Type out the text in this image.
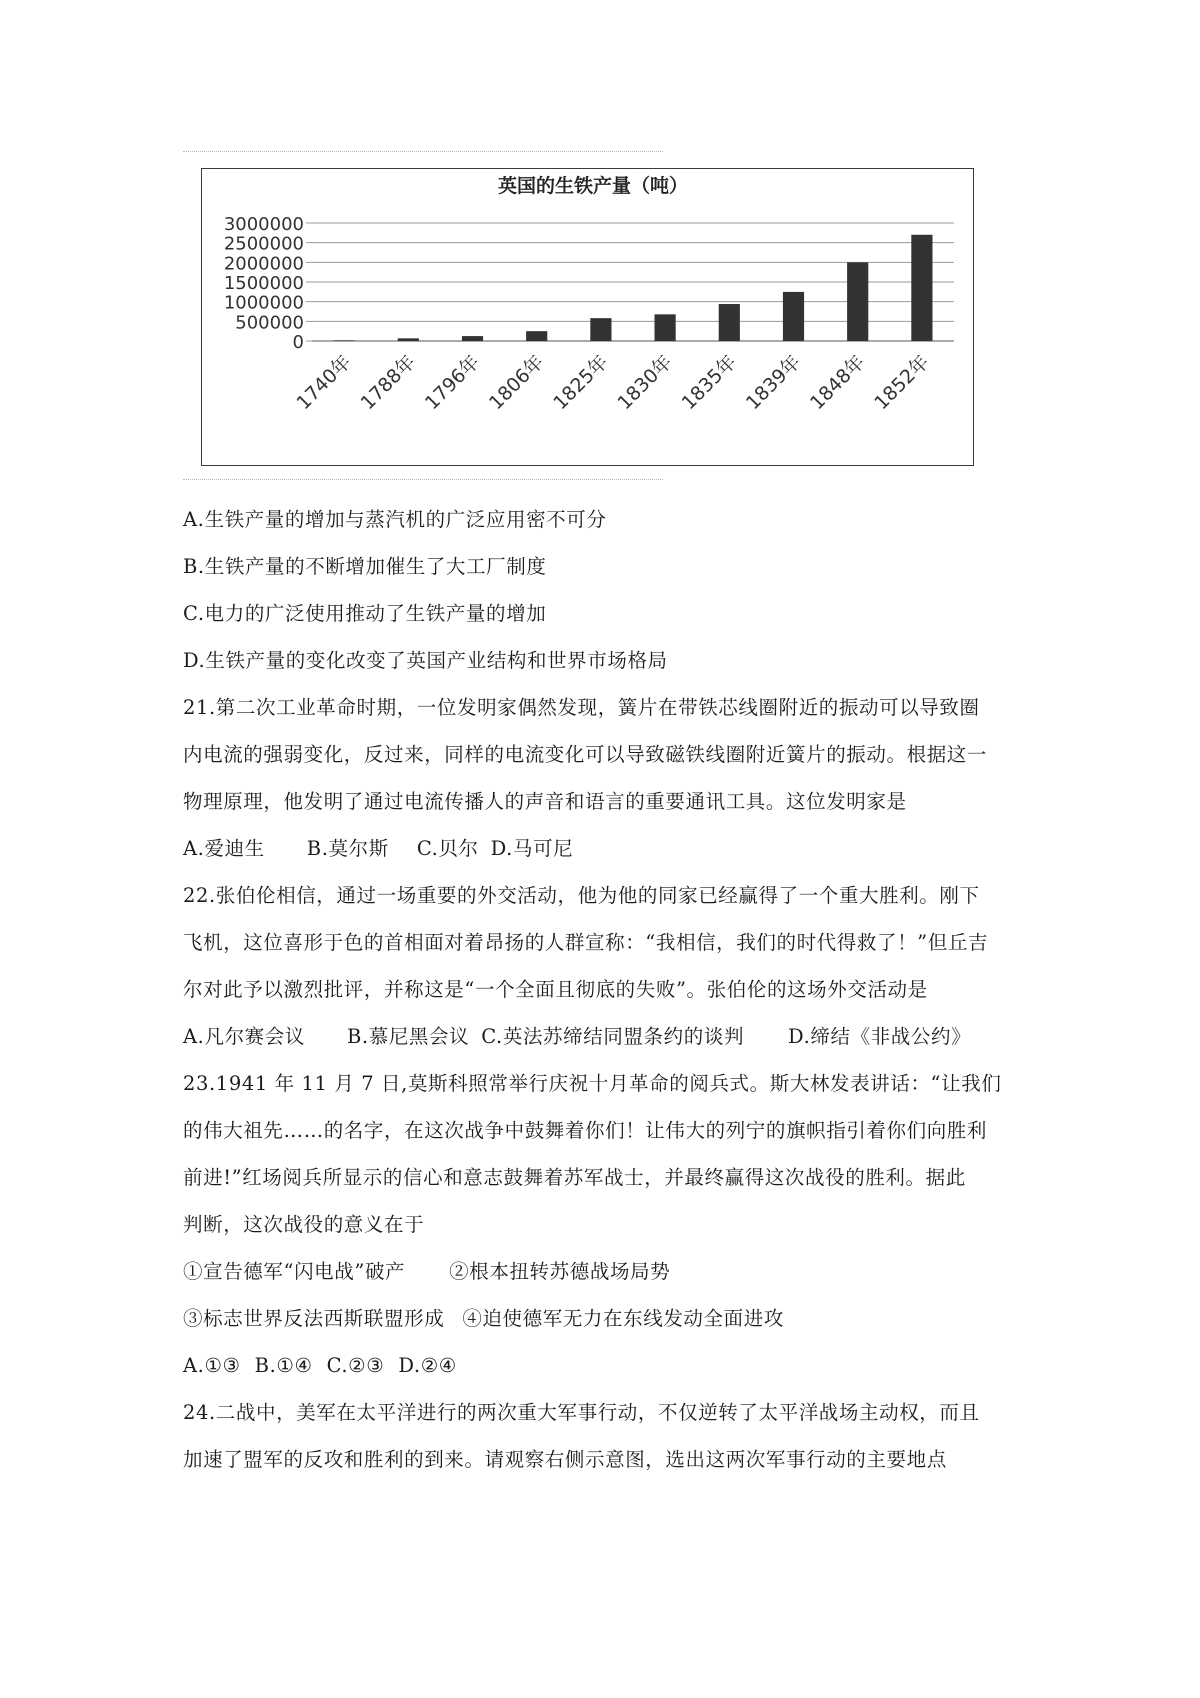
英国的生铁产量（吨）
3000000
2500000
2000000
1500000
1000000
500000
0
1740年 1788年 1796年 1806年 1825年 1830年 1835年 1839年 1848年 1852年
A.生铁产量的增加与蒸汽机的广泛应用密不可分
B.生铁产量的不断增加催生了大工厂制度
C.电力的广泛使用推动了生铁产量的增加
D.生铁产量的变化改变了英国产业结构和世界市场格局
21.第二次工业革命时期，一位发明家偶然发现，簧片在带铁芯线圈附近的振动可以导致圈
内电流的强弱变化，反过来，同样的电流变化可以导致磁铁线圈附近簧片的振动。根据这一
物理原理，他发明了通过电流传播人的声音和语言的重要通讯工具。这位发明家是
A.爱迪生 B.莫尔斯 C.贝尔 D.马可尼
22.张伯伦相信，通过一场重要的外交活动，他为他的同家已经赢得了一个重大胜利。刚下
飞机，这位喜形于色的首相面对着昂扬的人群宣称：“我相信，我们的时代得救了！”但丘吉
尔对此予以激烈批评，并称这是“一个全面且彻底的失败”。张伯伦的这场外交活动是
A.凡尔赛会议 B.慕尼黑会议 C.英法苏缔结同盟条约的谈判 D.缔结《非战公约》
23.1941 年 11 月 7 日,莫斯科照常举行庆祝十月革命的阅兵式。斯大林发表讲话：“让我们
的伟大祖先……的名字，在这次战争中鼓舞着你们！让伟大的列宁的旗帜指引着你们向胜利
前进!”红场阅兵所显示的信心和意志鼓舞着苏军战士，并最终赢得这次战役的胜利。据此
判断，这次战役的意义在于
①宣告德军“闪电战”破产 ②根本扭转苏德战场局势
③标志世界反法西斯联盟形成 ④迫使德军无力在东线发动全面进攻
A.①③ B.①④ C.②③ D.②④
24.二战中，美军在太平洋进行的两次重大军事行动，不仅逆转了太平洋战场主动权，而且
加速了盟军的反攻和胜利的到来。请观察右侧示意图，选出这两次军事行动的主要地点
